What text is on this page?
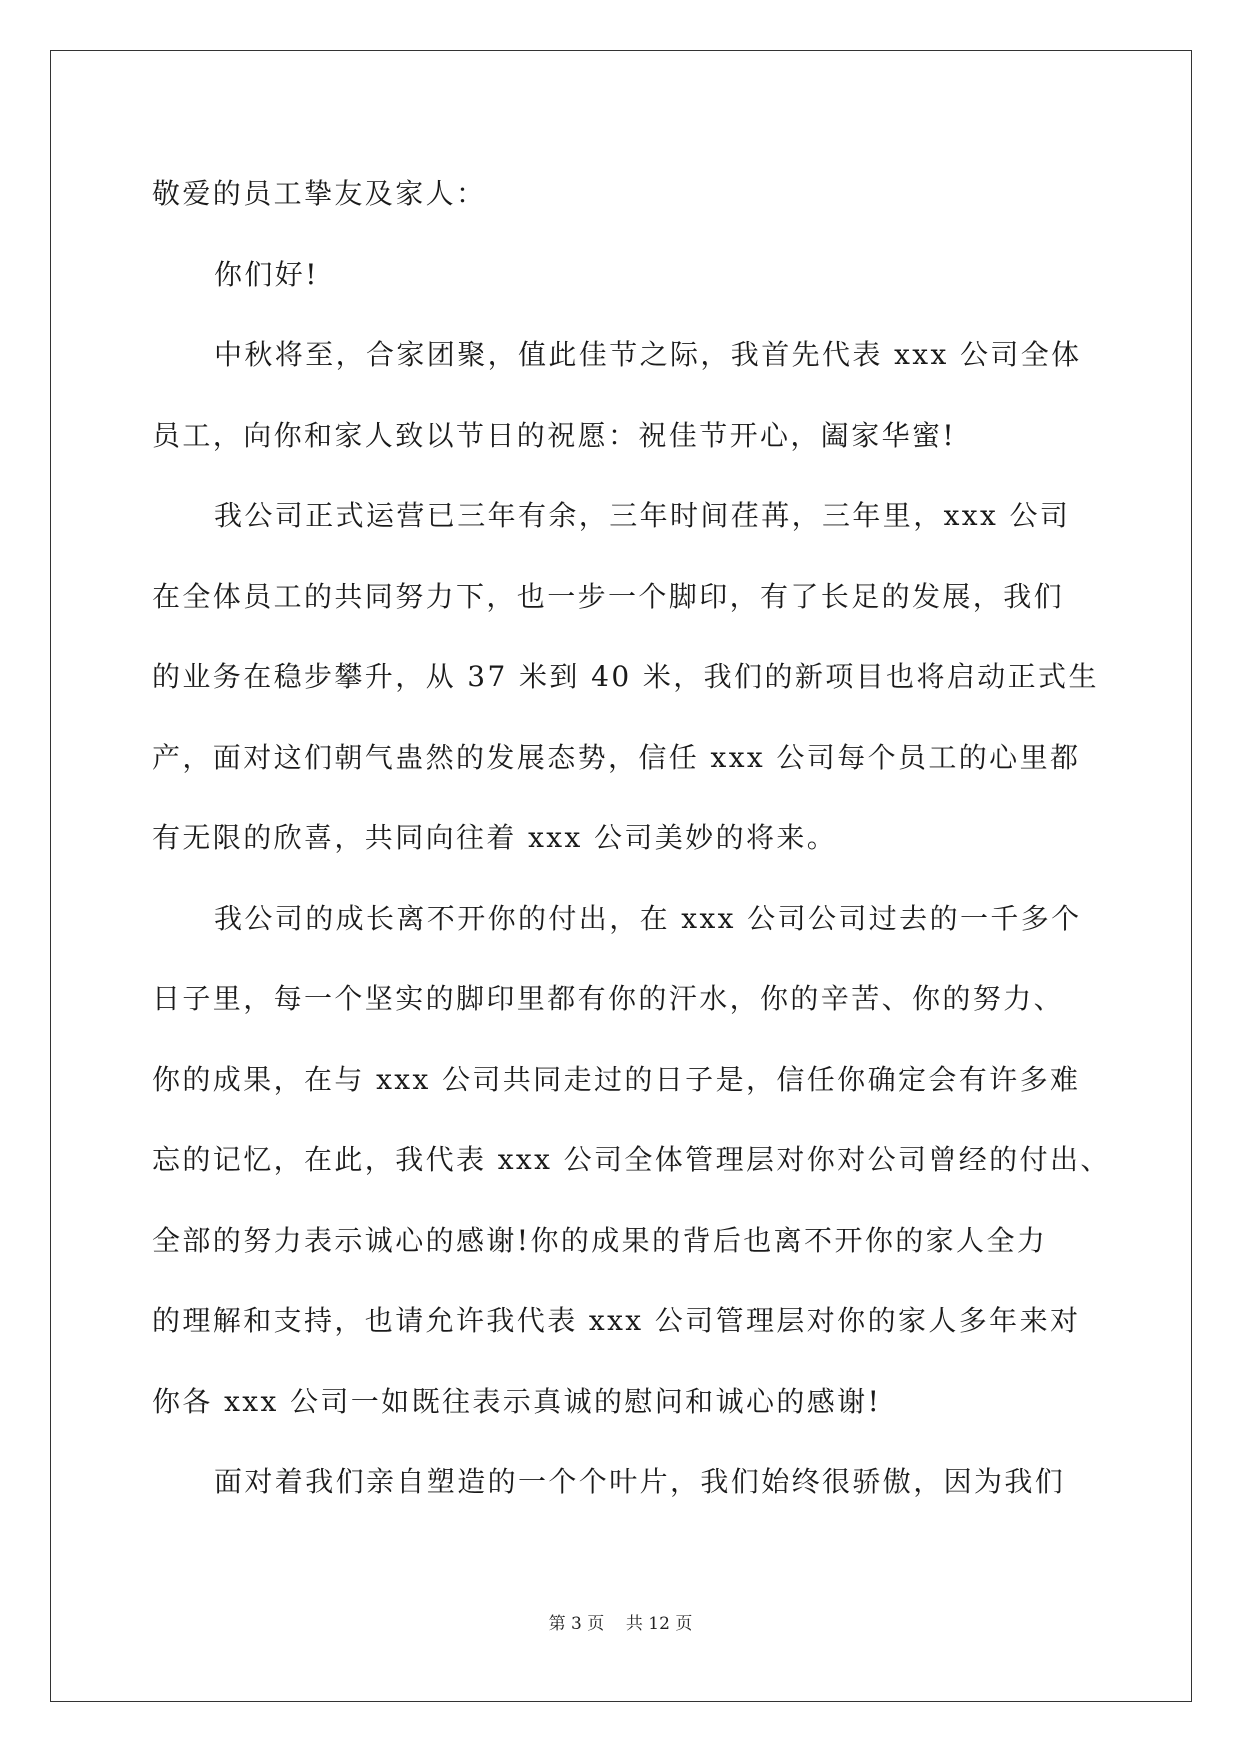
敬爱的员工挚友及家人：
你们好!
中秋将至，合家团聚，值此佳节之际，我首先代表 xxx 公司全体
员工，向你和家人致以节日的祝愿：祝佳节开心，阖家华蜜!
我公司正式运营已三年有余，三年时间荏苒，三年里，xxx 公司
在全体员工的共同努力下，也一步一个脚印，有了长足的发展，我们
的业务在稳步攀升，从 37 米到 40 米，我们的新项目也将启动正式生
产，面对这们朝气蛊然的发展态势，信任 xxx 公司每个员工的心里都
有无限的欣喜，共同向往着 xxx 公司美妙的将来。
我公司的成长离不开你的付出，在 xxx 公司公司过去的一千多个
日子里，每一个坚实的脚印里都有你的汗水，你的辛苦、你的努力、
你的成果，在与 xxx 公司共同走过的日子是，信任你确定会有许多难
忘的记忆，在此，我代表 xxx 公司全体管理层对你对公司曾经的付出、
全部的努力表示诚心的感谢!你的成果的背后也离不开你的家人全力
的理解和支持，也请允许我代表 xxx 公司管理层对你的家人多年来对
你各 xxx 公司一如既往表示真诚的慰问和诚心的感谢!
面对着我们亲自塑造的一个个叶片，我们始终很骄傲，因为我们
第 3 页 共 12 页
